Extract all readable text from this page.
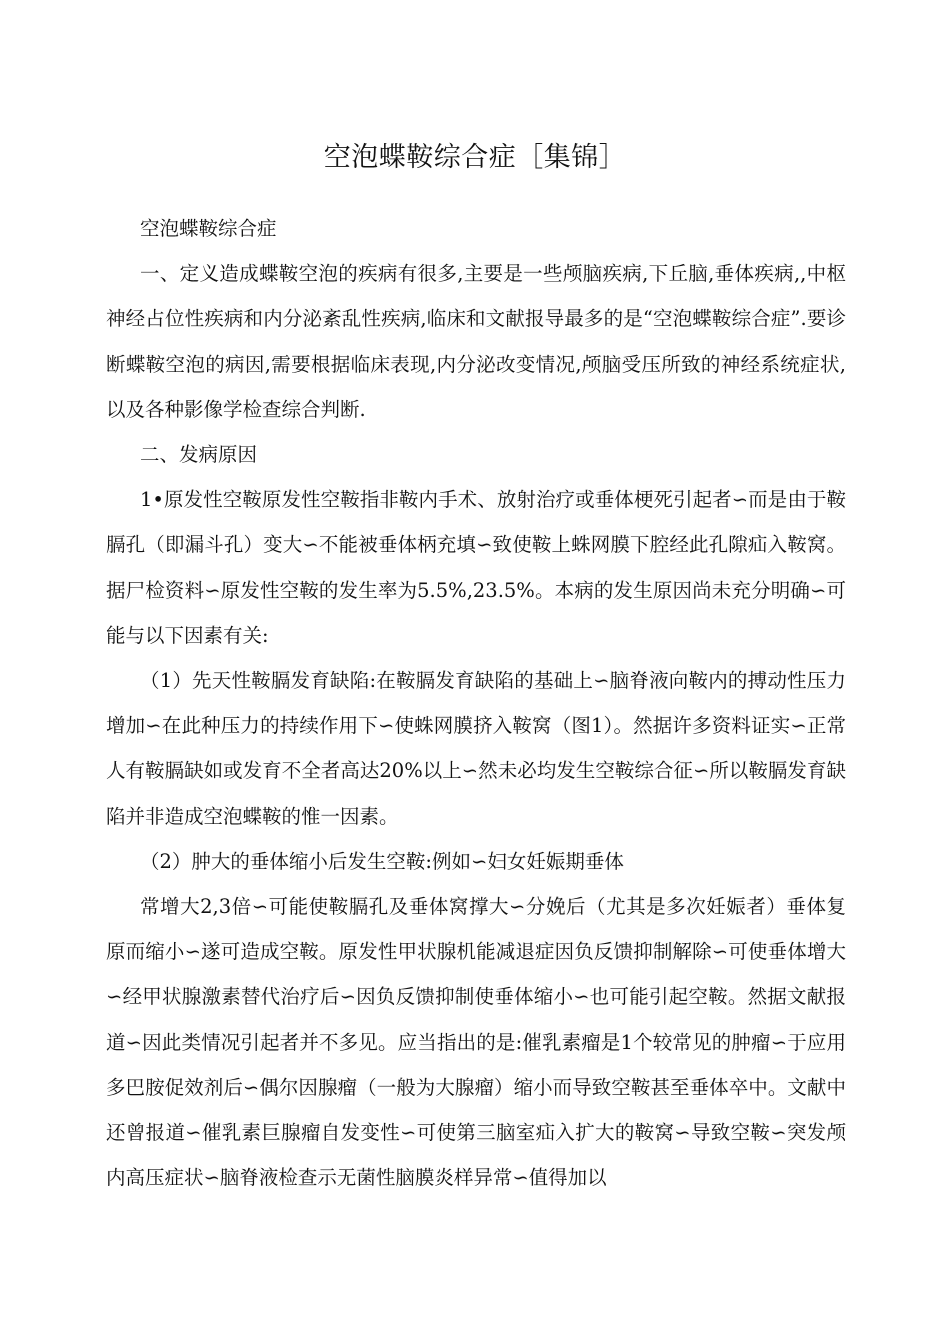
空泡蝶鞍综合症［集锦］

空泡蝶鞍综合症

一、定义造成蝶鞍空泡的疾病有很多,主要是一些颅脑疾病,下丘脑,垂体疾病,,中枢神经占位性疾病和内分泌紊乱性疾病,临床和文献报导最多的是“空泡蝶鞍综合症”.要诊断蝶鞍空泡的病因,需要根据临床表现,内分泌改变情况,颅脑受压所致的神经系统症状,以及各种影像学检查综合判断.

二、发病原因

1•原发性空鞍原发性空鞍指非鞍内手术、放射治疗或垂体梗死引起者∽而是由于鞍膈孔（即漏斗孔）变大∽不能被垂体柄充填∽致使鞍上蛛网膜下腔经此孔隙疝入鞍窝。据尸检资料∽原发性空鞍的发生率为5.5%,23.5%。本病的发生原因尚未充分明确∽可能与以下因素有关:

（1）先天性鞍膈发育缺陷:在鞍膈发育缺陷的基础上∽脑脊液向鞍内的搏动性压力增加∽在此种压力的持续作用下∽使蛛网膜挤入鞍窝（图1）。然据许多资料证实∽正常人有鞍膈缺如或发育不全者高达20%以上∽然未必均发生空鞍综合征∽所以鞍膈发育缺陷并非造成空泡蝶鞍的惟一因素。

（2）肿大的垂体缩小后发生空鞍:例如∽妇女妊娠期垂体

常增大2,3倍∽可能使鞍膈孔及垂体窝撑大∽分娩后（尤其是多次妊娠者）垂体复原而缩小∽遂可造成空鞍。原发性甲状腺机能减退症因负反馈抑制解除∽可使垂体增大∽经甲状腺激素替代治疗后∽因负反馈抑制使垂体缩小∽也可能引起空鞍。然据文献报道∽因此类情况引起者并不多见。应当指出的是:催乳素瘤是1个较常见的肿瘤∽于应用多巴胺促效剂后∽偶尔因腺瘤（一般为大腺瘤）缩小而导致空鞍甚至垂体卒中。文献中还曾报道∽催乳素巨腺瘤自发变性∽可使第三脑室疝入扩大的鞍窝∽导致空鞍∽突发颅内高压症状∽脑脊液检查示无菌性脑膜炎样异常∽值得加以
